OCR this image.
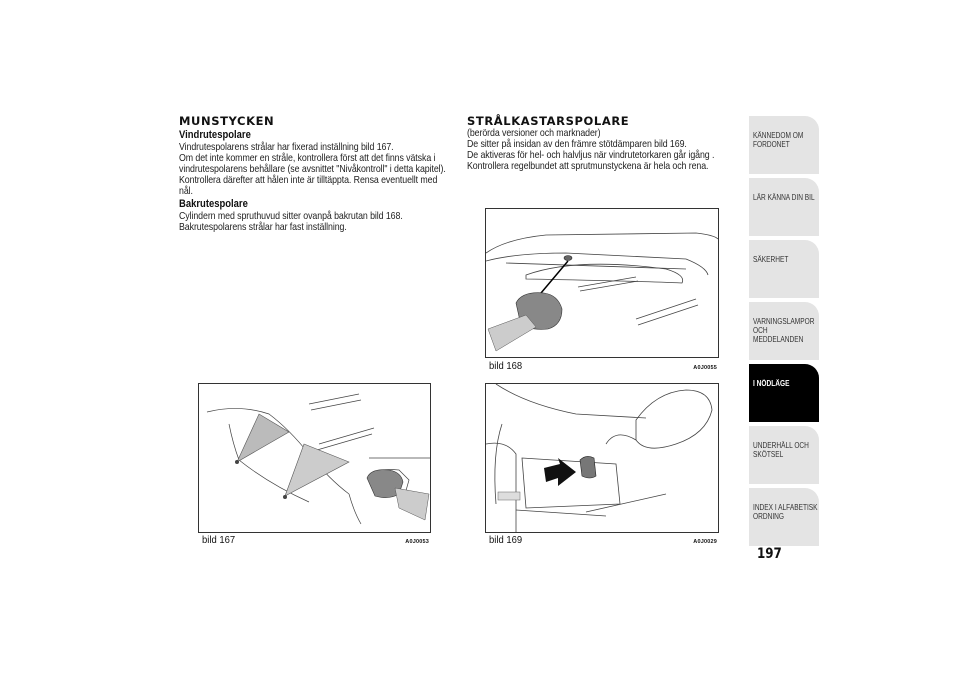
MUNSTYCKEN
Vindrutespolare

Vindrutespolarens strålar har fixerad inställning bild 167.

Om det inte kommer en stråle, kontrollera först att det finns vätska i vindrutespolarens behållare (se avsnittet "Nivåkontroll" i detta kapitel).

Kontrollera därefter att hålen inte är tilltäppta. Rensa eventuellt med nål.

Bakrutespolare

Cylindern med spruthuvud sitter ovanpå bakrutan bild 168.

Bakrutespolarens strålar har fast inställning.

STRÅLKASTARSPOLARE

(berörda versioner och marknader)

De sitter på insidan av den främre stötdämparen bild 169.

De aktiveras för hel- och halvljus när vindrutetorkaren går igång .

Kontrollera regelbundet att sprutmunstyckena är hela och rena.

bild 167	A0J0053
bild 168	A0J0055
bild 169	A0J0029
KÄNNEDOM OM
FORDONET
LÄR KÄNNA DIN BIL
SÄKERHET
VARNINGSLAMPOR
OCH MEDDELANDEN
I NÖDLÄGE
UNDERHÅLL OCH
SKÖTSEL
INDEX I ALFABETISK
ORDNING
197
